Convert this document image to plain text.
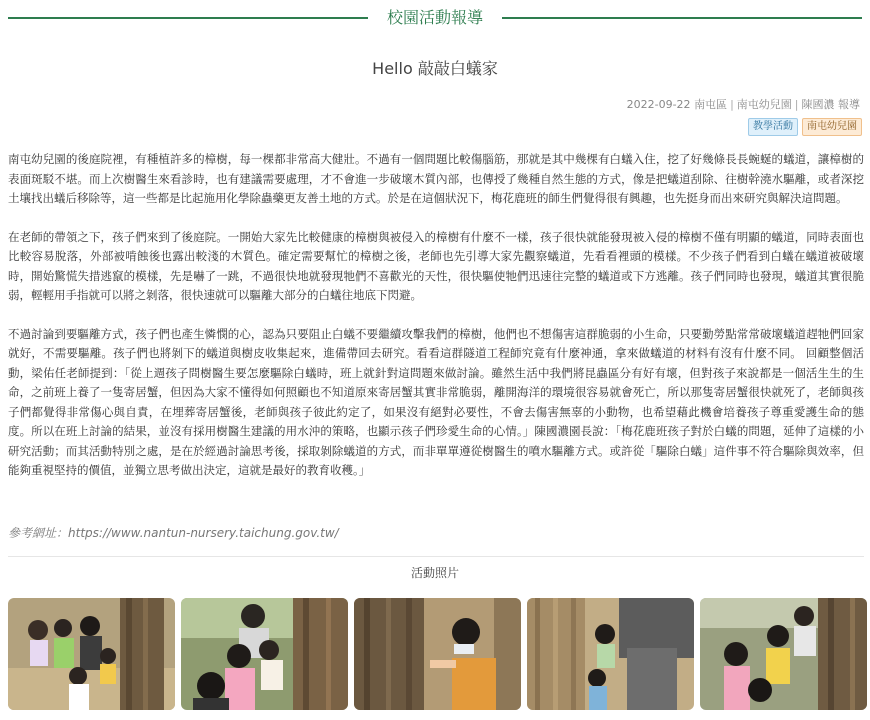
校園活動報導
Hello 敲敲白蟻家
2022-09-22 南屯區 | 南屯幼兒園 | 陳國濃 報導
教學活動	南屯幼兒園

南屯幼兒園的後庭院裡，有種植許多的樟樹，每一棵都非常高大健壯。不過有一個問題比較傷腦筋，那就是其中幾棵有白蟻入住，挖了好幾條長長蜿蜒的蟻道，讓樟樹的表面斑駁不堪。而上次樹醫生來看診時，也有建議需要處理，才不會進一步破壞木質內部，也傳授了幾種自然生態的方式，像是把蟻道刮除、往樹幹澆水驅離，或者深挖土壤找出蟻后移除等，這一些都是比起施用化學除蟲藥更友善土地的方式。於是在這個狀況下，梅花鹿班的師生們覺得很有興趣，也先挺身而出來研究與解決這問題。

在老師的帶領之下，孩子們來到了後庭院。一開始大家先比較健康的樟樹與被侵入的樟樹有什麼不一樣，孩子很快就能發現被入侵的樟樹不僅有明顯的蟻道，同時表面也比較容易脫落，外部被啃蝕後也露出較淺的木質色。確定需要幫忙的樟樹之後，老師也先引導大家先觀察蟻道，先看看裡頭的模樣。不少孩子們看到白蟻在蟻道被破壞時，開始驚慌失措逃竄的模樣，先是嚇了一跳，不過很快地就發現牠們不喜歡光的天性，很快驅使牠們迅速往完整的蟻道或下方逃離。孩子們同時也發現，蟻道其實很脆弱，輕輕用手指就可以將之剝落，很快速就可以驅離大部分的白蟻往地底下閃避。

不過討論到要驅離方式，孩子們也產生憐憫的心，認為只要阻止白蟻不要繼續攻擊我們的樟樹，他們也不想傷害這群脆弱的小生命，只要勤勞點常常破壞蟻道趕牠們回家就好，不需要驅離。孩子們也將剝下的蟻道與樹皮收集起來，進備帶回去研究。看看這群隧道工程師究竟有什麼神通，拿來做蟻道的材料有沒有什麼不同。 回顧整個活動，梁佑任老師提到：「從上週孩子問樹醫生要怎麼驅除白蟻時，班上就針對這問題來做討論。雖然生活中我們將昆蟲區分有好有壞，但對孩子來說都是一個活生生的生命，之前班上養了一隻寄居蟹，但因為大家不懂得如何照顧也不知道原來寄居蟹其實非常脆弱，離開海洋的環境很容易就會死亡，所以那隻寄居蟹很快就死了，老師與孩子們都覺得非常傷心與自責，在埋葬寄居蟹後，老師與孩子彼此約定了，如果沒有絕對必要性，不會去傷害無辜的小動物，也希望藉此機會培養孩子尊重愛護生命的態度。所以在班上討論的結果，並沒有採用樹醫生建議的用水沖的策略，也顯示孩子們珍愛生命的心情。」陳國濃園長說：「梅花鹿班孩子對於白蟻的問題，延伸了這樣的小研究活動；而其活動特別之處，是在於經過討論思考後，採取剝除蟻道的方式，而非單單遵從樹醫生的噴水驅離方式。或許從「驅除白蟻」這件事不符合驅除與效率，但能夠重視堅持的價值，並獨立思考做出決定，這就是最好的教育收穫。」

參考網址：https://www.nantun-nursery.taichung.gov.tw/
活動照片
